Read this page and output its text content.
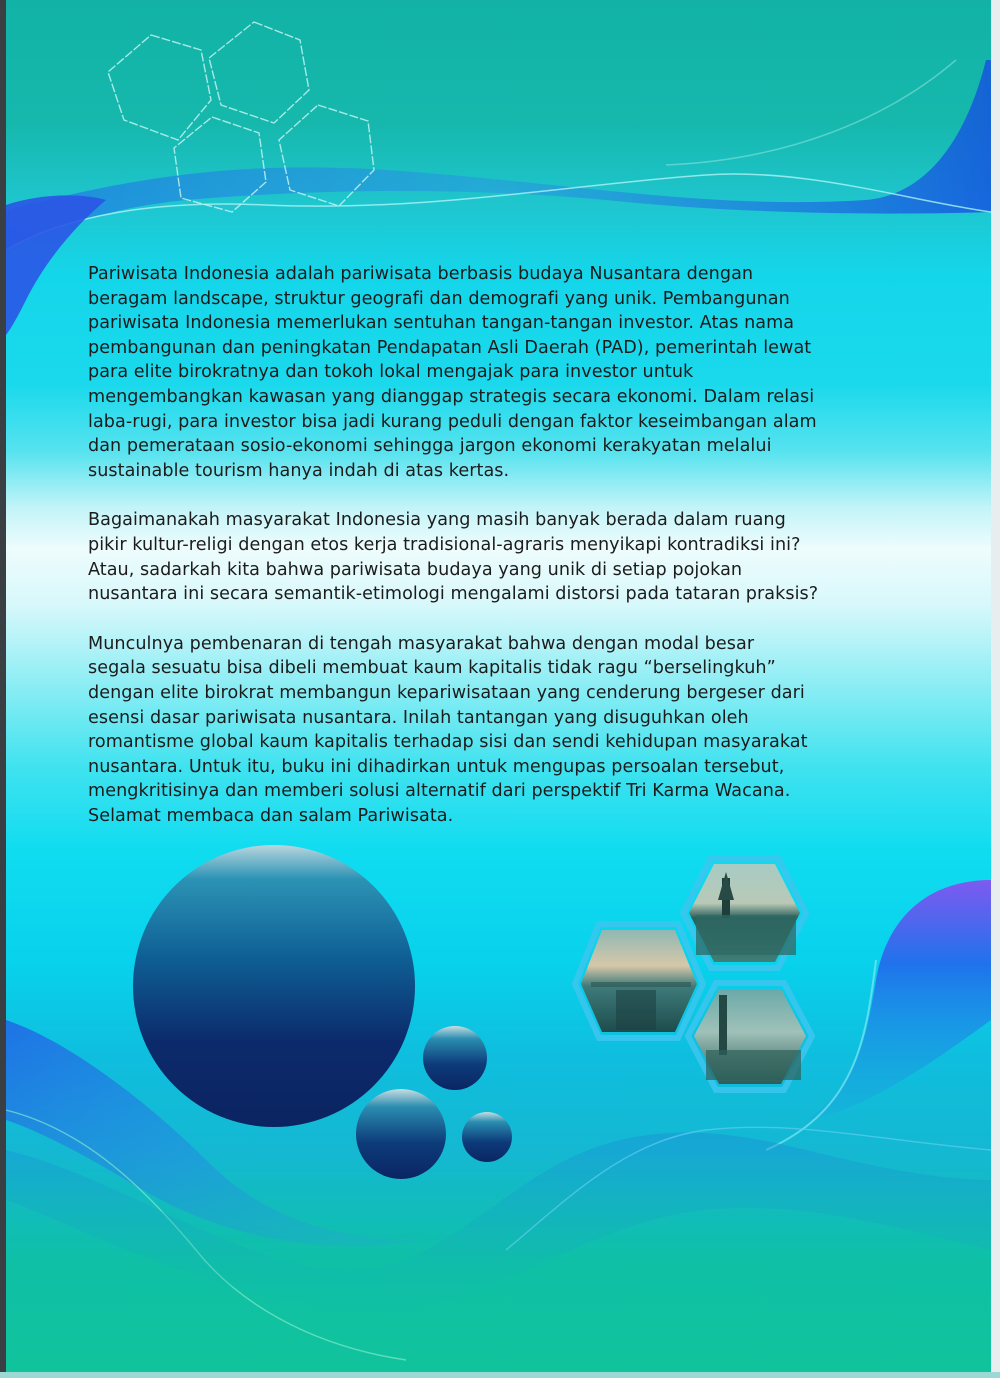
Pariwisata Indonesia adalah pariwisata berbasis budaya Nusantara dengan
beragam landscape, struktur geografi dan demografi yang unik. Pembangunan
pariwisata Indonesia memerlukan sentuhan tangan-tangan investor. Atas nama
pembangunan dan peningkatan Pendapatan Asli Daerah (PAD), pemerintah lewat
para elite birokratnya dan tokoh lokal mengajak para investor untuk
mengembangkan kawasan yang dianggap strategis secara ekonomi. Dalam relasi
laba-rugi, para investor bisa jadi kurang peduli dengan faktor keseimbangan alam
dan pemerataan sosio-ekonomi sehingga jargon ekonomi kerakyatan melalui
sustainable tourism hanya indah di atas kertas.

Bagaimanakah masyarakat Indonesia yang masih banyak berada dalam ruang
pikir kultur-religi dengan etos kerja tradisional-agraris menyikapi kontradiksi ini?
Atau, sadarkah kita bahwa pariwisata budaya yang unik di setiap pojokan
nusantara ini secara semantik-etimologi mengalami distorsi pada tataran praksis?

Munculnya pembenaran di tengah masyarakat bahwa dengan modal besar
segala sesuatu bisa dibeli membuat kaum kapitalis tidak ragu “berselingkuh”
dengan elite birokrat membangun kepariwisataan yang cenderung bergeser dari
esensi dasar pariwisata nusantara. Inilah tantangan yang disuguhkan oleh
romantisme global kaum kapitalis terhadap sisi dan sendi kehidupan masyarakat
nusantara. Untuk itu, buku ini dihadirkan untuk mengupas persoalan tersebut,
mengkritisinya dan memberi solusi alternatif dari perspektif Tri Karma Wacana.
Selamat membaca dan salam Pariwisata.
